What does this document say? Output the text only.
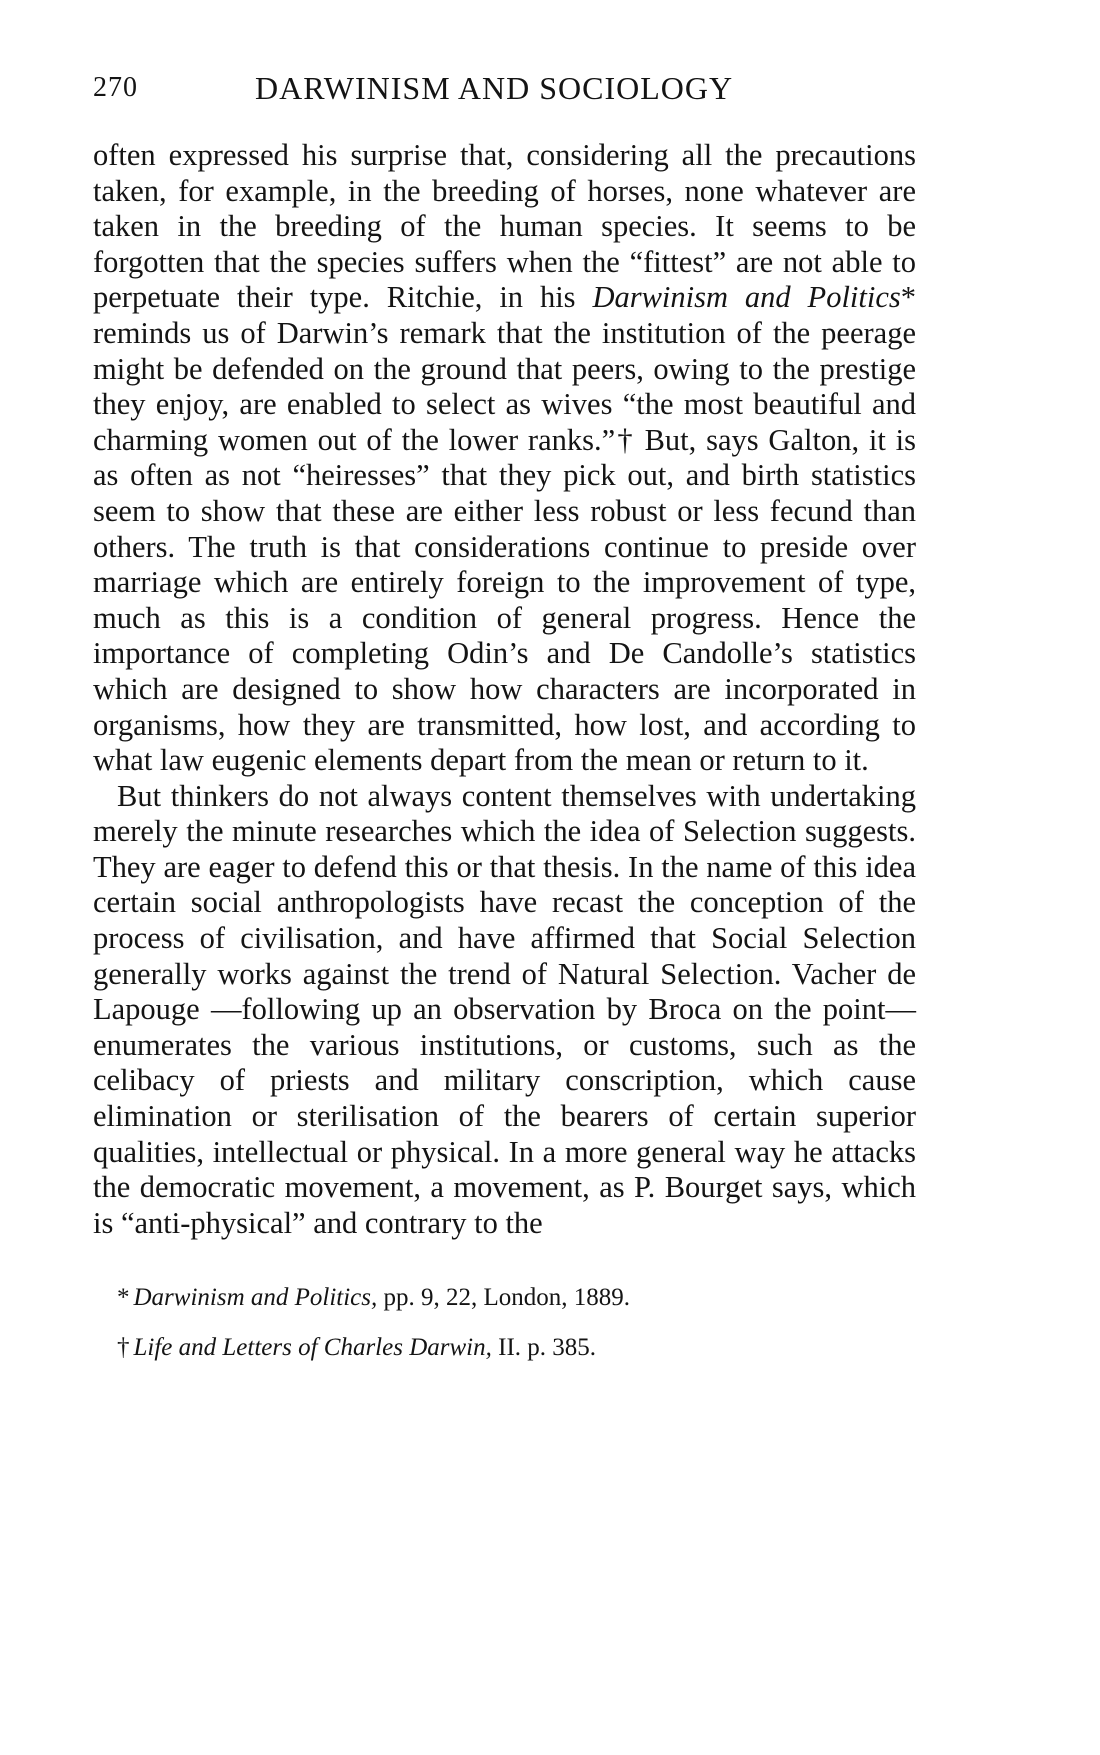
270	DARWINISM AND SOCIOLOGY

often expressed his surprise that, considering all the precautions taken, for example, in the breeding of horses, none whatever are taken in the breeding of the human species. It seems to be forgotten that the species suffers when the “fittest” are not able to perpetuate their type. Ritchie, in his Darwinism and Politics* reminds us of Darwin’s remark that the institution of the peerage might be defended on the ground that peers, owing to the prestige they enjoy, are enabled to select as wives “the most beautiful and charming women out of the lower ranks.”† But, says Galton, it is as often as not “heiresses” that they pick out, and birth statistics seem to show that these are either less robust or less fecund than others. The truth is that considerations continue to preside over marriage which are entirely foreign to the improvement of type, much as this is a condition of general progress. Hence the importance of completing Odin’s and De Candolle’s statistics which are designed to show how characters are incorporated in organisms, how they are transmitted, how lost, and according to what law eugenic elements depart from the mean or return to it.

But thinkers do not always content themselves with undertaking merely the minute researches which the idea of Selection suggests. They are eager to defend this or that thesis. In the name of this idea certain social anthropologists have recast the conception of the process of civilisation, and have affirmed that Social Selection generally works against the trend of Natural Selection. Vacher de Lapouge —following up an observation by Broca on the point—enumerates the various institutions, or customs, such as the celibacy of priests and military conscription, which cause elimination or sterilisation of the bearers of certain superior qualities, intellectual or physical. In a more general way he attacks the democratic movement, a movement, as P. Bourget says, which is “anti-physical” and contrary to the

* Darwinism and Politics, pp. 9, 22, London, 1889.
† Life and Letters of Charles Darwin, II. p. 385.
